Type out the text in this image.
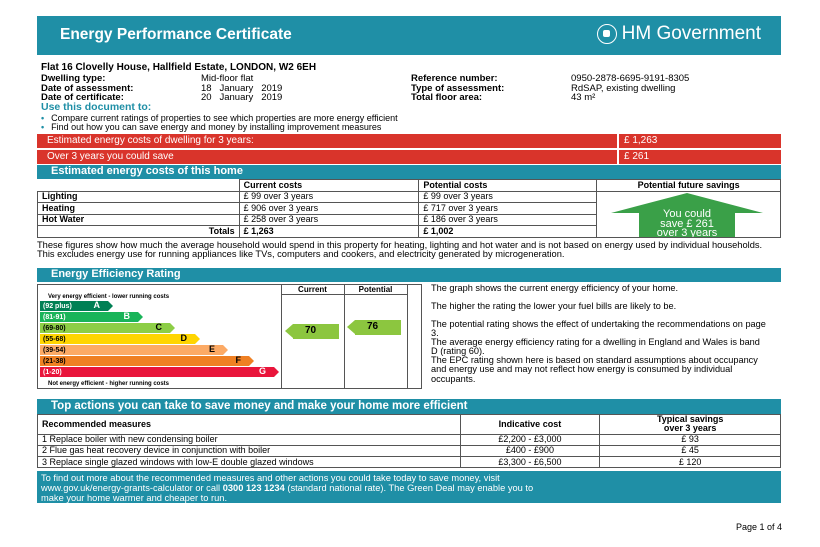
Energy Performance Certificate	HM Government
Flat 16 Clovelly House, Hallfield Estate, LONDON, W2 6EH
Dwelling type:	Mid-floor flat
Date of assessment:	18   January   2019
Date of certificate:	20   January   2019
Reference number:	0950-2878-6695-9191-8305
Type of assessment:	RdSAP, existing dwelling
Total floor area:	43 m²
Use this document to:
• Compare current ratings of properties to see which properties are more energy efficient
• Find out how you can save energy and money by installing improvement measures
Estimated energy costs of dwelling for 3 years:	£ 1,263
Over 3 years you could save	£ 261
Estimated energy costs of this home
	Current costs	Potential costs	Potential future savings
Lighting	£ 99 over 3 years	£ 99 over 3 years	
Heating	£ 906 over 3 years	£ 717 over 3 years	
Hot Water	£ 258 over 3 years	£ 186 over 3 years	
Totals	£ 1,263	£ 1,002	
You could
save £ 261
over 3 years
These figures show how much the average household would spend in this property for heating, lighting and hot water and is not based on energy used by individual households. This excludes energy use for running appliances like TVs, computers and cookers, and electricity generated by microgeneration.
Energy Efficiency Rating
Current	Potential
Very energy efficient - lower running costs
(92 plus) A
(81-91)	B
(69-80)	C
(55-68)	D
(39-54)	E
(21-38)	F
(1-20)	G
Not energy efficient - higher running costs
70	76
The graph shows the current energy efficiency of your home.
The higher the rating the lower your fuel bills are likely to be.
The potential rating shows the effect of undertaking the recommendations on page 3.
The average energy efficiency rating for a dwelling in England and Wales is band D (rating 60).
The EPC rating shown here is based on standard assumptions about occupancy and energy use and may not reflect how energy is consumed by individual occupants.
Top actions you can take to save money and make your home more efficient
Recommended measures	Indicative cost	Typical savings
		over 3 years
1 Replace boiler with new condensing boiler	£2,200 - £3,000	£ 93
2 Flue gas heat recovery device in conjunction with boiler	£400 - £900	£ 45
3 Replace single glazed windows with low-E double glazed windows	£3,300 - £6,500	£ 120
To find out more about the recommended measures and other actions you could take today to save money, visit
www.gov.uk/energy-grants-calculator or call 0300 123 1234 (standard national rate). The Green Deal may enable you to
make your home warmer and cheaper to run.
Page 1 of 4
